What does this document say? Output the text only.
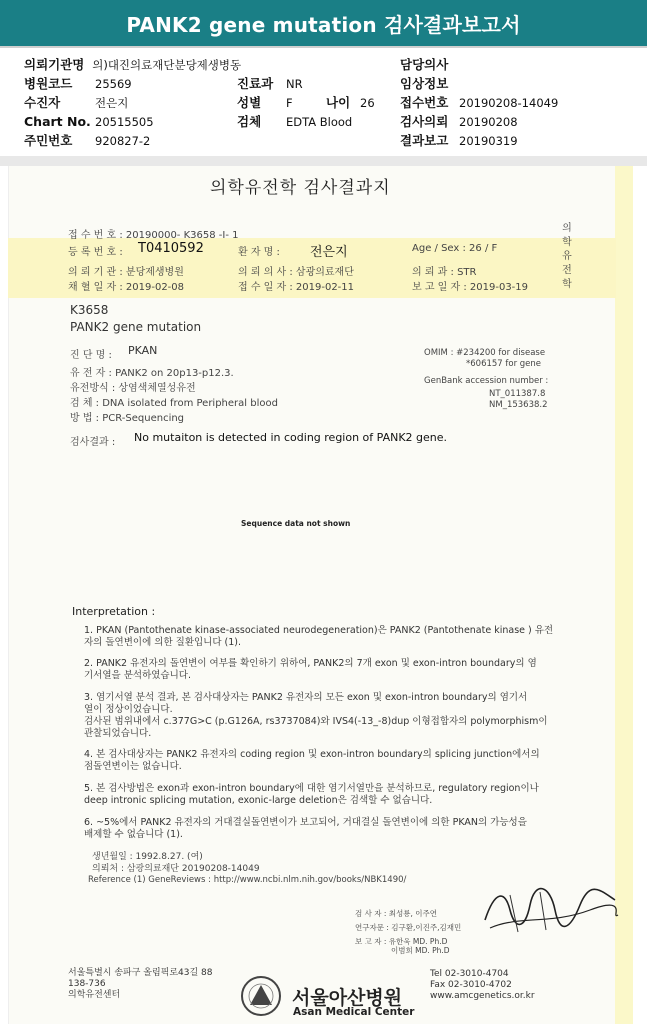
PANK2 gene mutation 검사결과보고서
의뢰기관명 의)대진의료재단분당제생병동	담당의사
병원코드 25569	진료과 NR	임상정보
수진자	전은지	성별 F	나이 26 접수번호 20190208-14049
Chart No. 20515505	검체 EDTA Blood	검사의뢰 20190208
주민번호 920827-2	결과보고 20190319
의학유전학 검사결과지
의
학
유
전
학
접 수 번 호 : 20190000- K3658 -I- 1
등 록 번 호 : T0410592	환 자 명 : 전은지	Age / Sex : 26 / F
의 뢰 기 관 : 분당제생병원	의 뢰 의 사 : 삼광의료재단	의 뢰 과 : STR
채 혈 일 자 : 2019-02-08	접 수 일 자 : 2019-02-11	보 고 일 자 : 2019-03-19
K3658
PANK2 gene mutation
진 단 명 : PKAN
유 전 자 : PANK2 on 20p13-p12.3.
유전방식 : 상염색체열성유전
검 체 : DNA isolated from Peripheral blood
방 법 : PCR-Sequencing
OMIM : #234200 for disease
*606157 for gene
GenBank accession number :
NT_011387.8
NM_153638.2
검사결과 : No mutaiton is detected in coding region of PANK2 gene.
Sequence data not shown
Interpretation :

1. PKAN (Pantothenate kinase-associated neurodegeneration)은 PANK2 (Pantothenate kinase ) 유전

자의 돌연변이에 의한 질환입니다 (1).

2. PANK2 유전자의 돌연변이 여부를 확인하기 위하여, PANK2의 7개 exon 및 exon-intron boundary의 염

기서열을 분석하였습니다.

3. 염기서열 분석 결과, 본 검사대상자는 PANK2 유전자의 모든 exon 및 exon-intron boundary의 염기서

열이 정상이었습니다.

검사된 범위내에서 c.377G>C (p.G126A, rs3737084)와 IVS4(-13_-8)dup 이형접합자의 polymorphism이

관찰되었습니다.

4. 본 검사대상자는 PANK2 유전자의 coding region 및 exon-intron boundary의 splicing junction에서의

점돌연변이는 없습니다.

5. 본 검사방법은 exon과 exon-intron boundary에 대한 염기서열만을 분석하므로, regulatory region이나

deep intronic splicing mutation, exonic-large deletion은 검색할 수 없습니다.

6. ~5%에서 PANK2 유전자의 거대결실돌연변이가 보고되어, 거대결실 돌연변이에 의한 PKAN의 가능성을

배제할 수 없습니다 (1).

생년월일 : 1992.8.27. (여)
의뢰처 : 삼광의료재단 20190208-14049
Reference (1) GeneReviews : http://www.ncbi.nlm.nih.gov/books/NBK1490/
검 사 자 : 최성룡, 이주연
연구자문 : 김구환,이진주,김재민
보 고 자 : 유한욱 MD. Ph.D
이범희 MD. Ph.D
서울특별시 송파구 올림픽로43길 88
138-736
의학유전센터	서울아산병원
Asan Medical Center
Tel 02-3010-4704
Fax 02-3010-4702
www.amcgenetics.or.kr
